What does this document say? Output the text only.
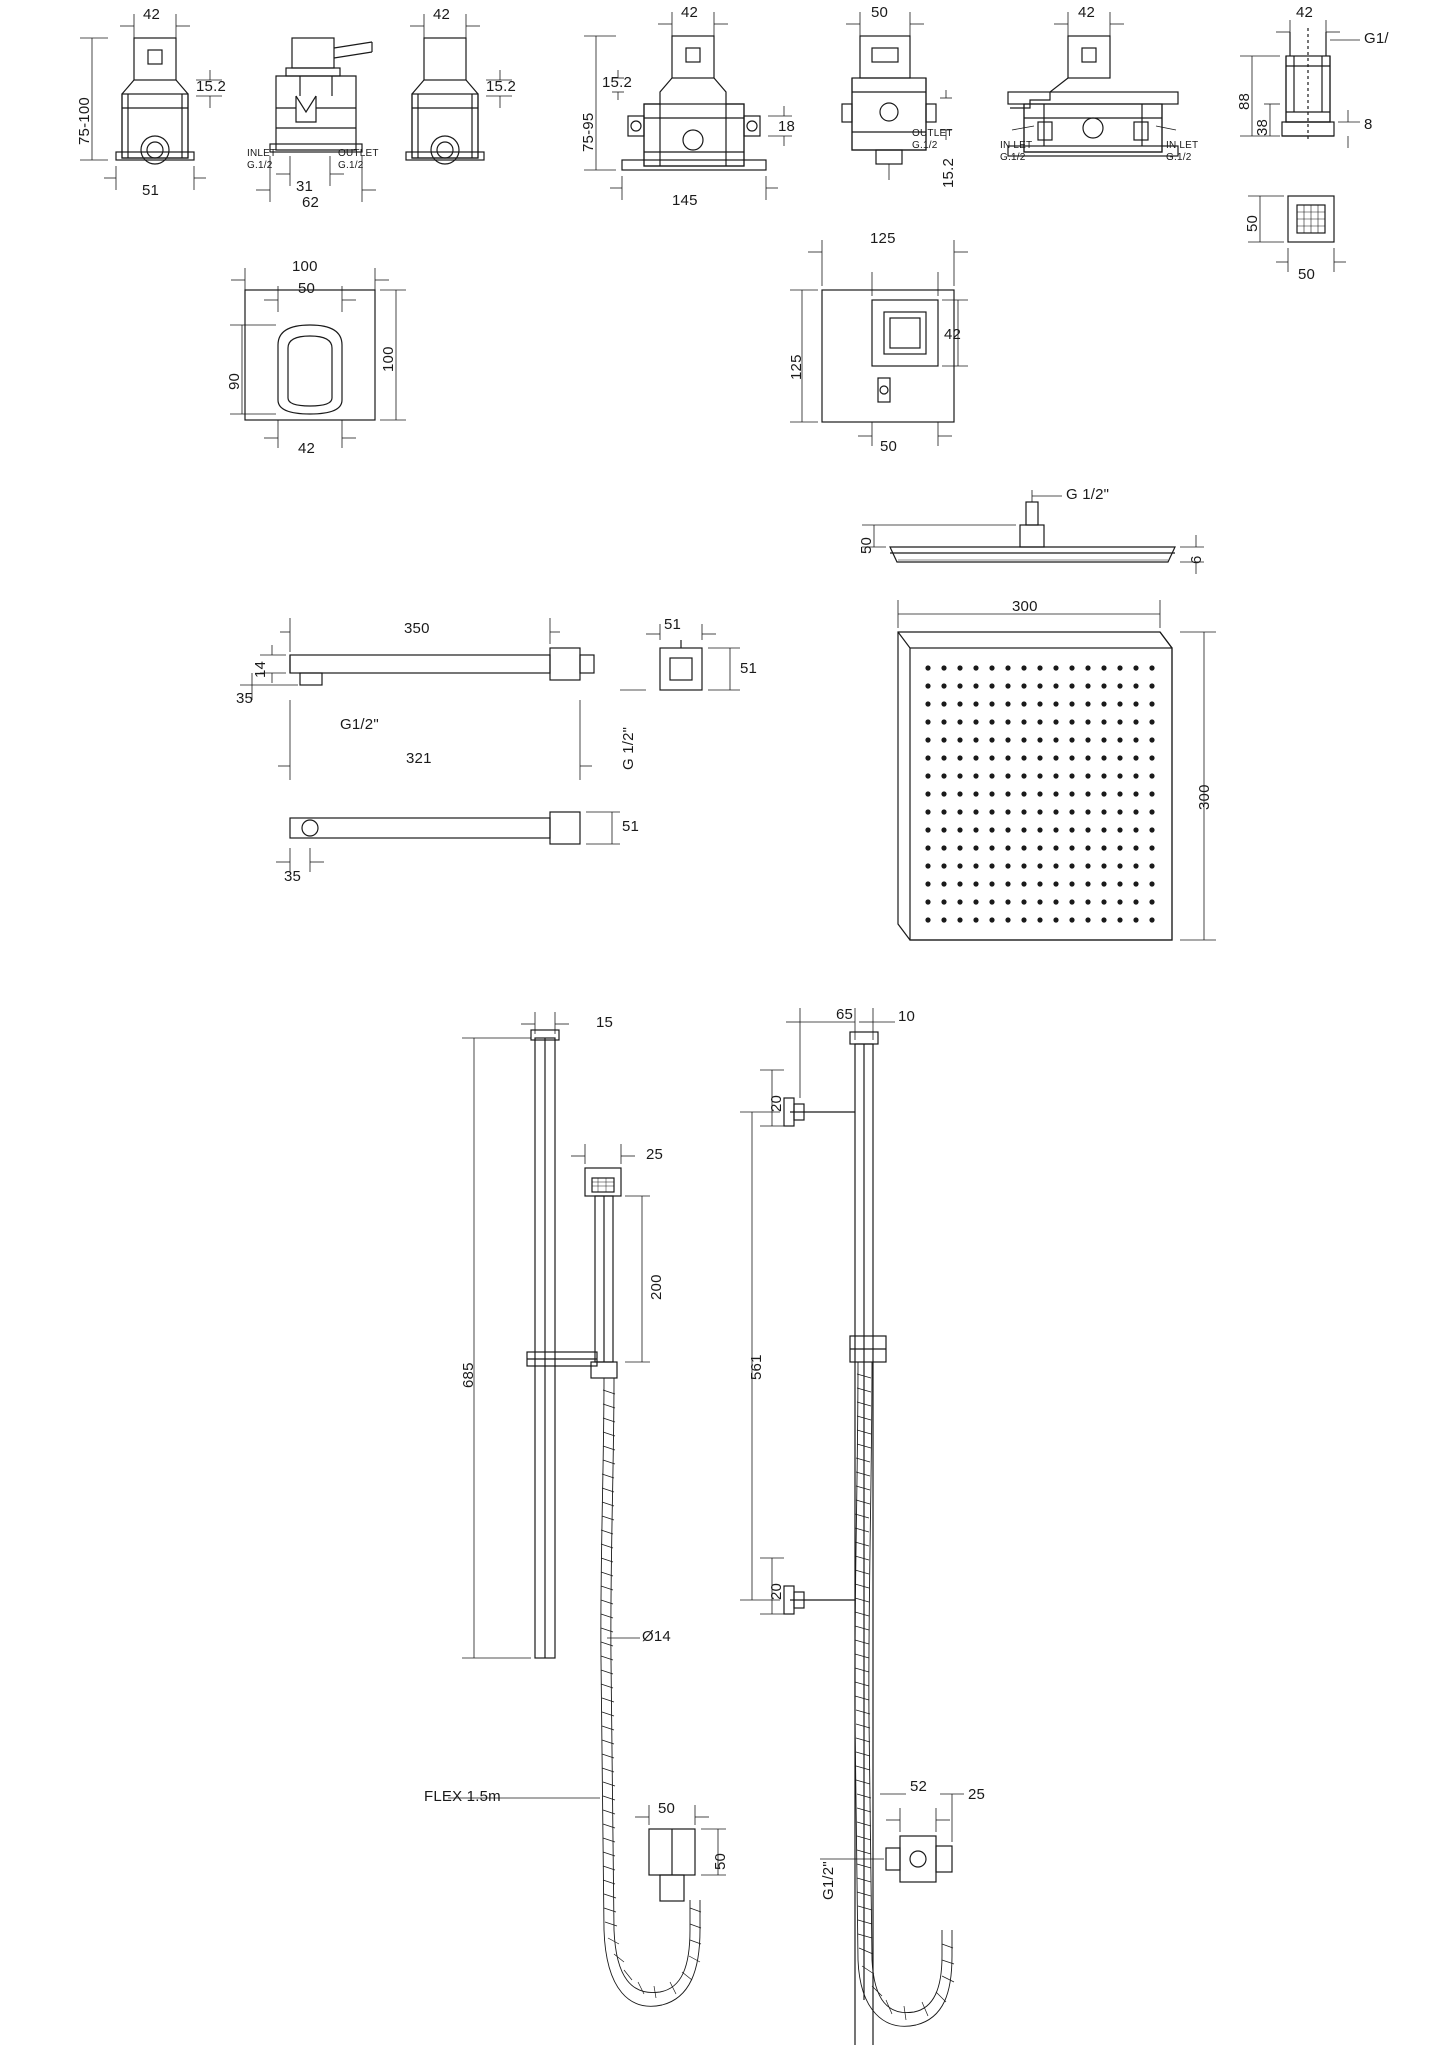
42
75-100
15.2
51	31
62
INLET
G.1/2
OUTLET
G.1/2
42
15.2
42
75-95
15.2
145
18
50
OUTLET
G.1/2
15.2
42
IN LET
G.1/2
IN LET
G.1/2
42
G1/
88
38	8
50
50
100
50
90
100
42
125
125
42
50
G 1/2"
50
6
350
14
35
G1/2"
321
51
51
G 1/2"
51
35
300
300
15
25
200
685
Ø14
FLEX 1.5m
50
50
65	10
20
561
20
52	25
G1/2"
